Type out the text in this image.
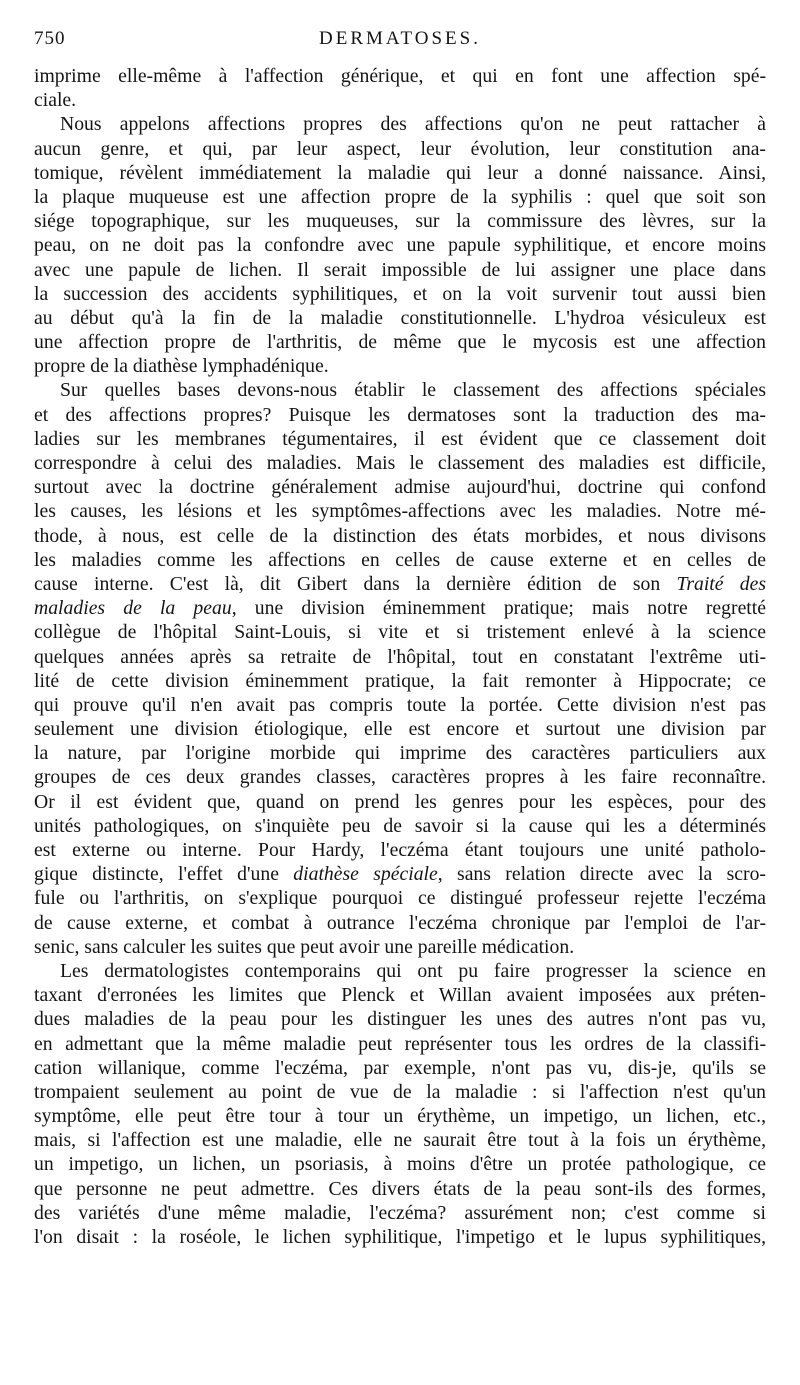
750	DERMATOSES.
imprime elle-même à l'affection générique, et qui en font une affection spé-
ciale.
Nous appelons affections propres des affections qu'on ne peut rattacher à
aucun genre, et qui, par leur aspect, leur évolution, leur constitution ana-
tomique, révèlent immédiatement la maladie qui leur a donné naissance. Ainsi,
la plaque muqueuse est une affection propre de la syphilis : quel que soit son
siége topographique, sur les muqueuses, sur la commissure des lèvres, sur la
peau, on ne doit pas la confondre avec une papule syphilitique, et encore moins
avec une papule de lichen. Il serait impossible de lui assigner une place dans
la succession des accidents syphilitiques, et on la voit survenir tout aussi bien
au début qu'à la fin de la maladie constitutionnelle. L'hydroa vésiculeux est
une affection propre de l'arthritis, de même que le mycosis est une affection
propre de la diathèse lymphadénique.
Sur quelles bases devons-nous établir le classement des affections spéciales
et des affections propres? Puisque les dermatoses sont la traduction des ma-
ladies sur les membranes tégumentaires, il est évident que ce classement doit
correspondre à celui des maladies. Mais le classement des maladies est difficile,
surtout avec la doctrine généralement admise aujourd'hui, doctrine qui confond
les causes, les lésions et les symptômes-affections avec les maladies. Notre mé-
thode, à nous, est celle de la distinction des états morbides, et nous divisons
les maladies comme les affections en celles de cause externe et en celles de
cause interne. C'est là, dit Gibert dans la dernière édition de son Traité des
maladies de la peau, une division éminemment pratique; mais notre regretté
collègue de l'hôpital Saint-Louis, si vite et si tristement enlevé à la science
quelques années après sa retraite de l'hôpital, tout en constatant l'extrême uti-
lité de cette division éminemment pratique, la fait remonter à Hippocrate; ce
qui prouve qu'il n'en avait pas compris toute la portée. Cette division n'est pas
seulement une division étiologique, elle est encore et surtout une division par
la nature, par l'origine morbide qui imprime des caractères particuliers aux
groupes de ces deux grandes classes, caractères propres à les faire reconnaître.
Or il est évident que, quand on prend les genres pour les espèces, pour des
unités pathologiques, on s'inquiète peu de savoir si la cause qui les a déterminés
est externe ou interne. Pour Hardy, l'eczéma étant toujours une unité patholo-
gique distincte, l'effet d'une diathèse spéciale, sans relation directe avec la scro-
fule ou l'arthritis, on s'explique pourquoi ce distingué professeur rejette l'eczéma
de cause externe, et combat à outrance l'eczéma chronique par l'emploi de l'ar-
senic, sans calculer les suites que peut avoir une pareille médication.
Les dermatologistes contemporains qui ont pu faire progresser la science en
taxant d'erronées les limites que Plenck et Willan avaient imposées aux préten-
dues maladies de la peau pour les distinguer les unes des autres n'ont pas vu,
en admettant que la même maladie peut représenter tous les ordres de la classifi-
cation willanique, comme l'eczéma, par exemple, n'ont pas vu, dis-je, qu'ils se
trompaient seulement au point de vue de la maladie : si l'affection n'est qu'un
symptôme, elle peut être tour à tour un érythème, un impetigo, un lichen, etc.,
mais, si l'affection est une maladie, elle ne saurait être tout à la fois un érythème,
un impetigo, un lichen, un psoriasis, à moins d'être un protée pathologique, ce
que personne ne peut admettre. Ces divers états de la peau sont-ils des formes,
des variétés d'une même maladie, l'eczéma? assurément non; c'est comme si
l'on disait : la roséole, le lichen syphilitique, l'impetigo et le lupus syphilitiques,
